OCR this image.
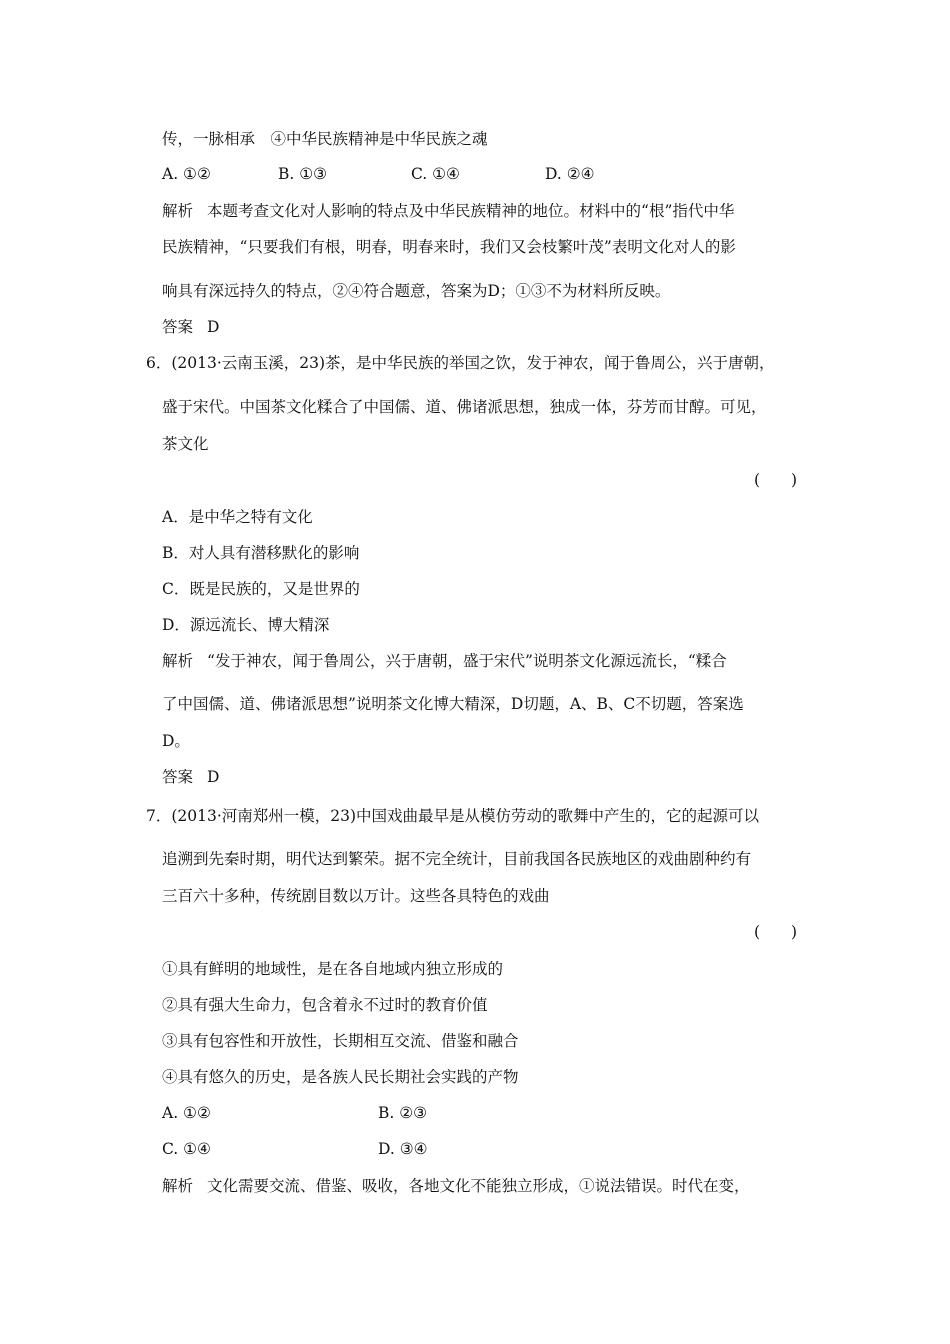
传，一脉相承　④中华民族精神是中华民族之魂
A. ①②	B. ①③	C. ①④	D. ②④
解析 本题考查文化对人影响的特点及中华民族精神的地位。材料中的“根”指代中华
民族精神，“只要我们有根，明春，明春来时，我们又会枝繁叶茂”表明文化对人的影
响具有深远持久的特点，②④符合题意，答案为D；①③不为材料所反映。
答案 D
6．(2013·云南玉溪，23)茶，是中华民族的举国之饮，发于神农，闻于鲁周公，兴于唐朝，
盛于宋代。中国茶文化糅合了中国儒、道、佛诸派思想，独成一体，芬芳而甘醇。可见，
茶文化
(　　)
A．是中华之特有文化
B．对人具有潜移默化的影响
C．既是民族的，又是世界的
D．源远流长、博大精深
解析 “发于神农，闻于鲁周公，兴于唐朝，盛于宋代”说明茶文化源远流长，“糅合
了中国儒、道、佛诸派思想”说明茶文化博大精深，D切题，A、B、C不切题，答案选
D。
答案 D
7．(2013·河南郑州一模，23)中国戏曲最早是从模仿劳动的歌舞中产生的，它的起源可以
追溯到先秦时期，明代达到繁荣。据不完全统计，目前我国各民族地区的戏曲剧种约有
三百六十多种，传统剧目数以万计。这些各具特色的戏曲
(　　)
①具有鲜明的地域性，是在各自地域内独立形成的
②具有强大生命力，包含着永不过时的教育价值
③具有包容性和开放性，长期相互交流、借鉴和融合
④具有悠久的历史，是各族人民长期社会实践的产物
A. ①②	B. ②③
C. ①④	D. ③④
解析 文化需要交流、借鉴、吸收，各地文化不能独立形成，①说法错误。时代在变，
